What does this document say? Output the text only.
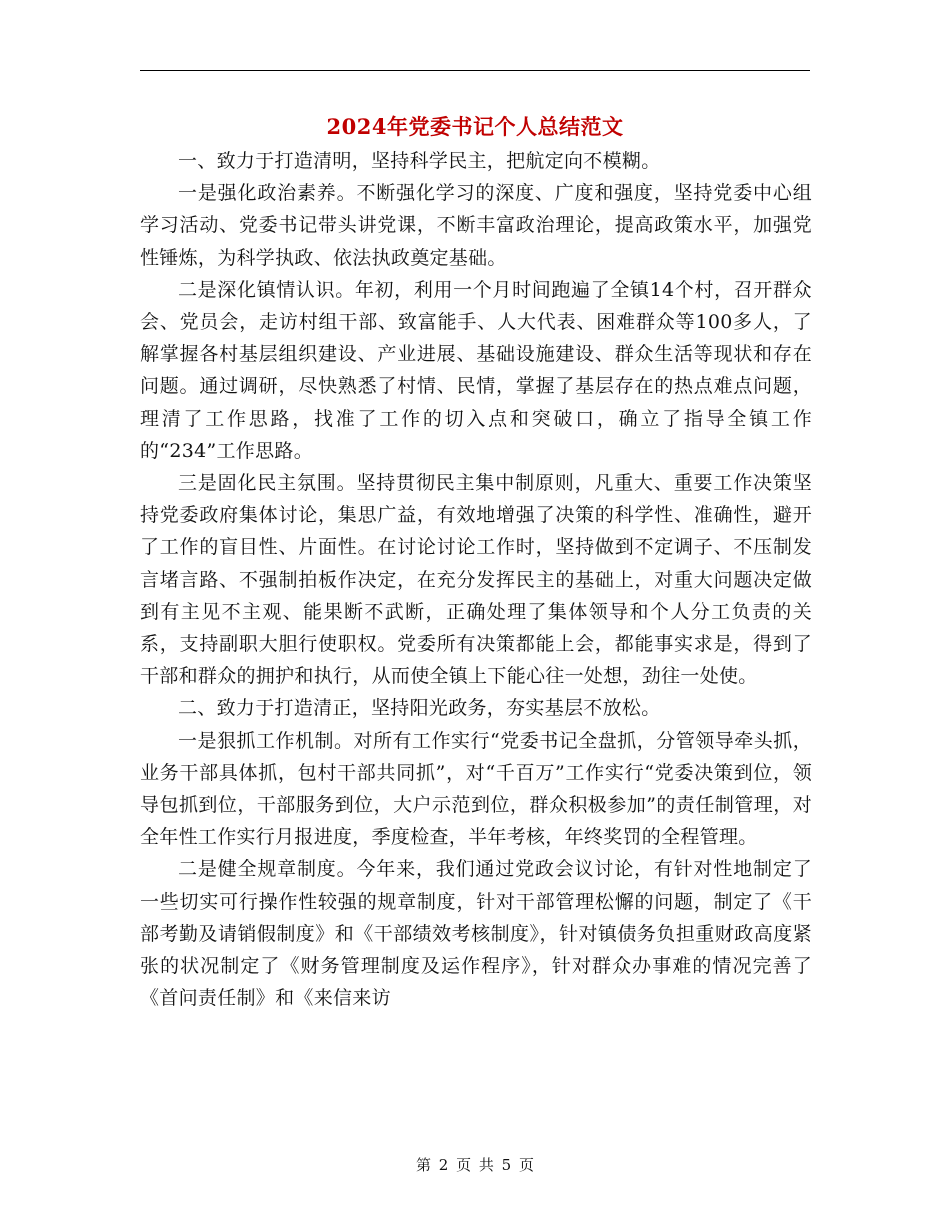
2024年党委书记个人总结范文

一、致力于打造清明，坚持科学民主，把航定向不模糊。

一是强化政治素养。不断强化学习的深度、广度和强度，坚持党委中心组学习活动、党委书记带头讲党课，不断丰富政治理论，提高政策水平，加强党性锤炼，为科学执政、依法执政奠定基础。

二是深化镇情认识。年初，利用一个月时间跑遍了全镇14个村，召开群众会、党员会，走访村组干部、致富能手、人大代表、困难群众等100多人，了解掌握各村基层组织建设、产业进展、基础设施建设、群众生活等现状和存在问题。通过调研，尽快熟悉了村情、民情，掌握了基层存在的热点难点问题，理清了工作思路，找准了工作的切入点和突破口，确立了指导全镇工作的“234”工作思路。

三是固化民主氛围。坚持贯彻民主集中制原则，凡重大、重要工作决策坚持党委政府集体讨论，集思广益，有效地增强了决策的科学性、准确性，避开了工作的盲目性、片面性。在讨论讨论工作时，坚持做到不定调子、不压制发言堵言路、不强制拍板作决定，在充分发挥民主的基础上，对重大问题决定做到有主见不主观、能果断不武断，正确处理了集体领导和个人分工负责的关系，支持副职大胆行使职权。党委所有决策都能上会，都能事实求是，得到了干部和群众的拥护和执行，从而使全镇上下能心往一处想，劲往一处使。

二、致力于打造清正，坚持阳光政务，夯实基层不放松。

一是狠抓工作机制。对所有工作实行“党委书记全盘抓，分管领导牵头抓，业务干部具体抓，包村干部共同抓”，对“千百万”工作实行“党委决策到位，领导包抓到位，干部服务到位，大户示范到位，群众积极参加”的责任制管理，对全年性工作实行月报进度，季度检查，半年考核，年终奖罚的全程管理。

二是健全规章制度。今年来，我们通过党政会议讨论，有针对性地制定了一些切实可行操作性较强的规章制度，针对干部管理松懈的问题，制定了《干部考勤及请销假制度》和《干部绩效考核制度》，针对镇债务负担重财政高度紧张的状况制定了《财务管理制度及运作程序》，针对群众办事难的情况完善了《首问责任制》和《来信来访

第 2 页 共 5 页
